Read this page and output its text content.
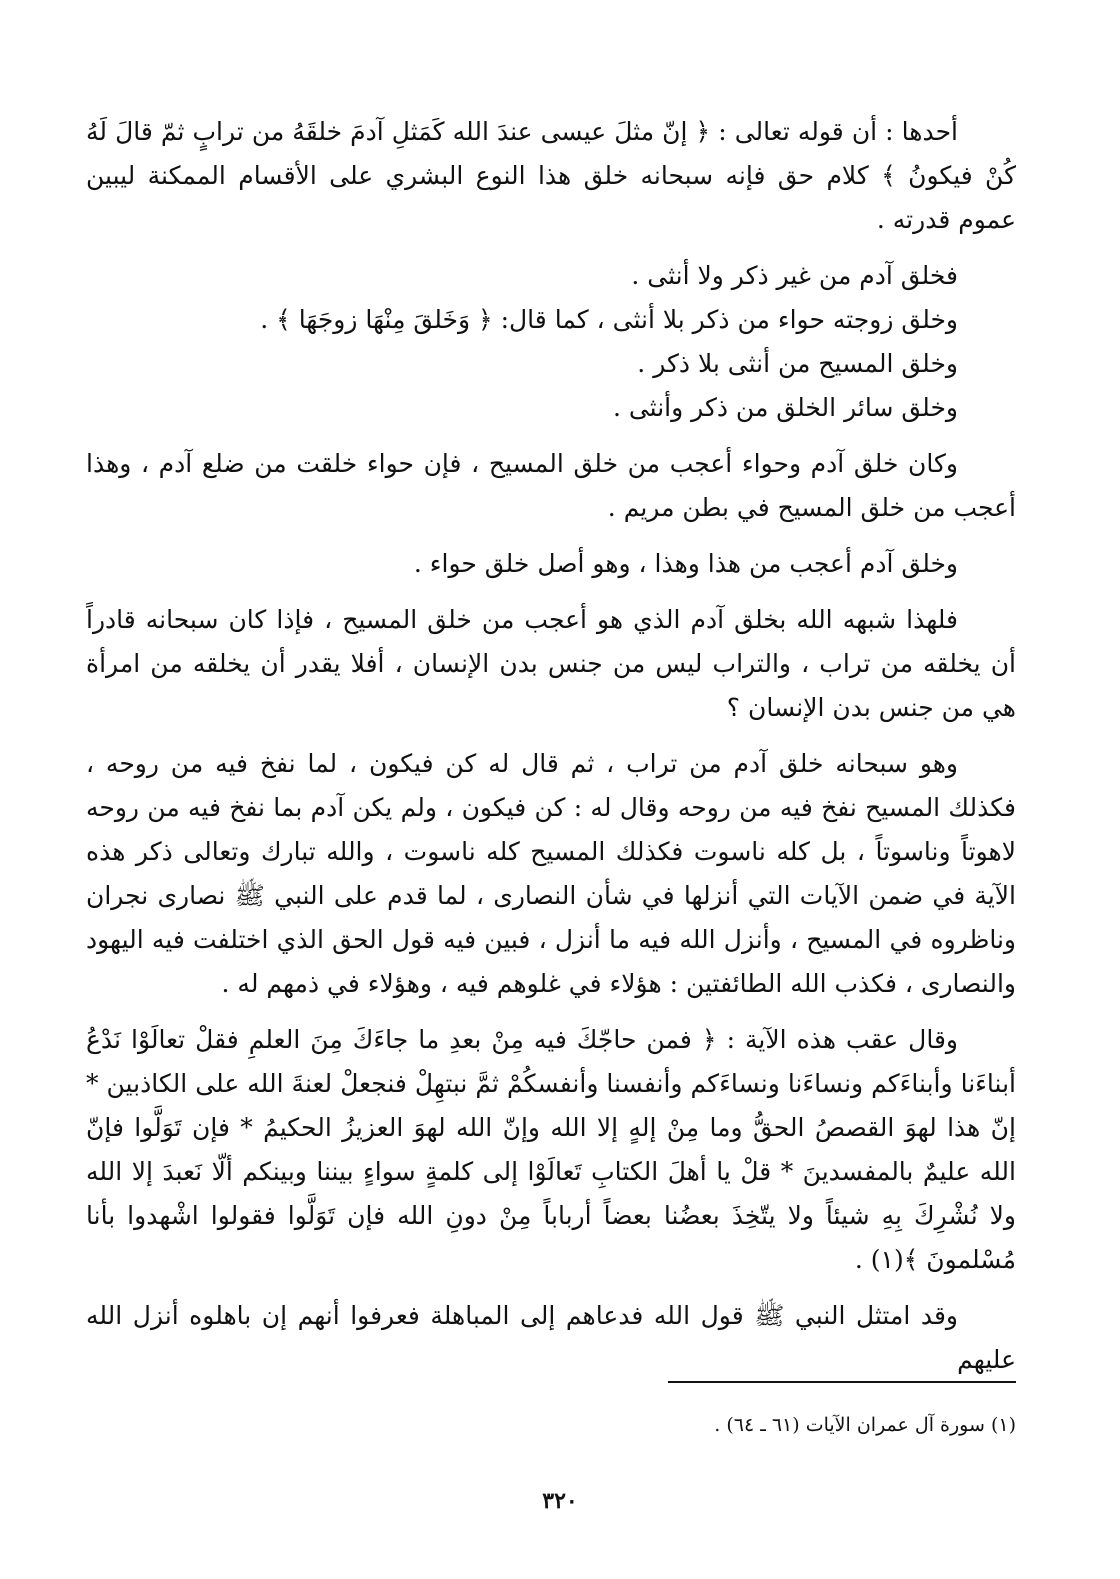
أحدها : أن قوله تعالى : ﴿ إنّ مثلَ عيسى عندَ الله كَمَثلِ آدمَ خلقَهُ من ترابٍ ثمّ قالَ لَهُ كُنْ فيكونُ ﴾ كلام حق فإنه سبحانه خلق هذا النوع البشري على الأقسام الممكنة ليبين عموم قدرته .

فخلق آدم من غير ذكر ولا أنثى .

وخلق زوجته حواء من ذكر بلا أنثى ، كما قال: ﴿ وَخَلقَ مِنْهَا زوجَهَا ﴾ .

وخلق المسيح من أنثى بلا ذكر .

وخلق سائر الخلق من ذكر وأنثى .

وكان خلق آدم وحواء أعجب من خلق المسيح ، فإن حواء خلقت من ضلع آدم ، وهذا أعجب من خلق المسيح في بطن مريم .

وخلق آدم أعجب من هذا وهذا ، وهو أصل خلق حواء .

فلهذا شبهه الله بخلق آدم الذي هو أعجب من خلق المسيح ، فإذا كان سبحانه قادراً أن يخلقه من تراب ، والتراب ليس من جنس بدن الإنسان ، أفلا يقدر أن يخلقه من امرأة هي من جنس بدن الإنسان ؟

وهو سبحانه خلق آدم من تراب ، ثم قال له كن فيكون ، لما نفخ فيه من روحه ، فكذلك المسيح نفخ فيه من روحه وقال له : كن فيكون ، ولم يكن آدم بما نفخ فيه من روحه لاهوتاً وناسوتاً ، بل كله ناسوت فكذلك المسيح كله ناسوت ، والله تبارك وتعالى ذكر هذه الآية في ضمن الآيات التي أنزلها في شأن النصارى ، لما قدم على النبي ﷺ نصارى نجران وناظروه في المسيح ، وأنزل الله فيه ما أنزل ، فبين فيه قول الحق الذي اختلفت فيه اليهود والنصارى ، فكذب الله الطائفتين : هؤلاء في غلوهم فيه ، وهؤلاء في ذمهم له .

وقال عقب هذه الآية : ﴿ فمن حاجّكَ فيه مِنْ بعدِ ما جاءَكَ مِنَ العلمِ فقلْ تعالَوْا نَدْعُ أبناءَنا وأبناءَكم ونساءَنا ونساءَكم وأنفسنا وأنفسكُمْ ثمَّ نبتهِلْ فنجعلْ لعنةَ الله على الكاذبين * إنّ هذا لهوَ القصصُ الحقُّ وما مِنْ إلهٍ إلا الله وإنّ الله لهوَ العزيزُ الحكيمُ * فإن تَوَلَّوا فإنّ الله عليمٌ بالمفسدينَ * قلْ يا أهلَ الكتابِ تَعالَوْا إلى كلمةٍ سواءٍ بيننا وبينكم ألّا نَعبدَ إلا الله ولا نُشْرِكَ بِهِ شيئاً ولا يتّخِذَ بعضُنا بعضاً أرباباً مِنْ دونِ الله فإن تَوَلَّوا فقولوا اشْهدوا بأنا مُسْلمونَ ﴾(١) .

وقد امتثل النبي ﷺ قول الله فدعاهم إلى المباهلة فعرفوا أنهم إن باهلوه أنزل الله عليهم

(١) سورة آل عمران الآيات (٦١ ـ ٦٤) .
٣٢٠
